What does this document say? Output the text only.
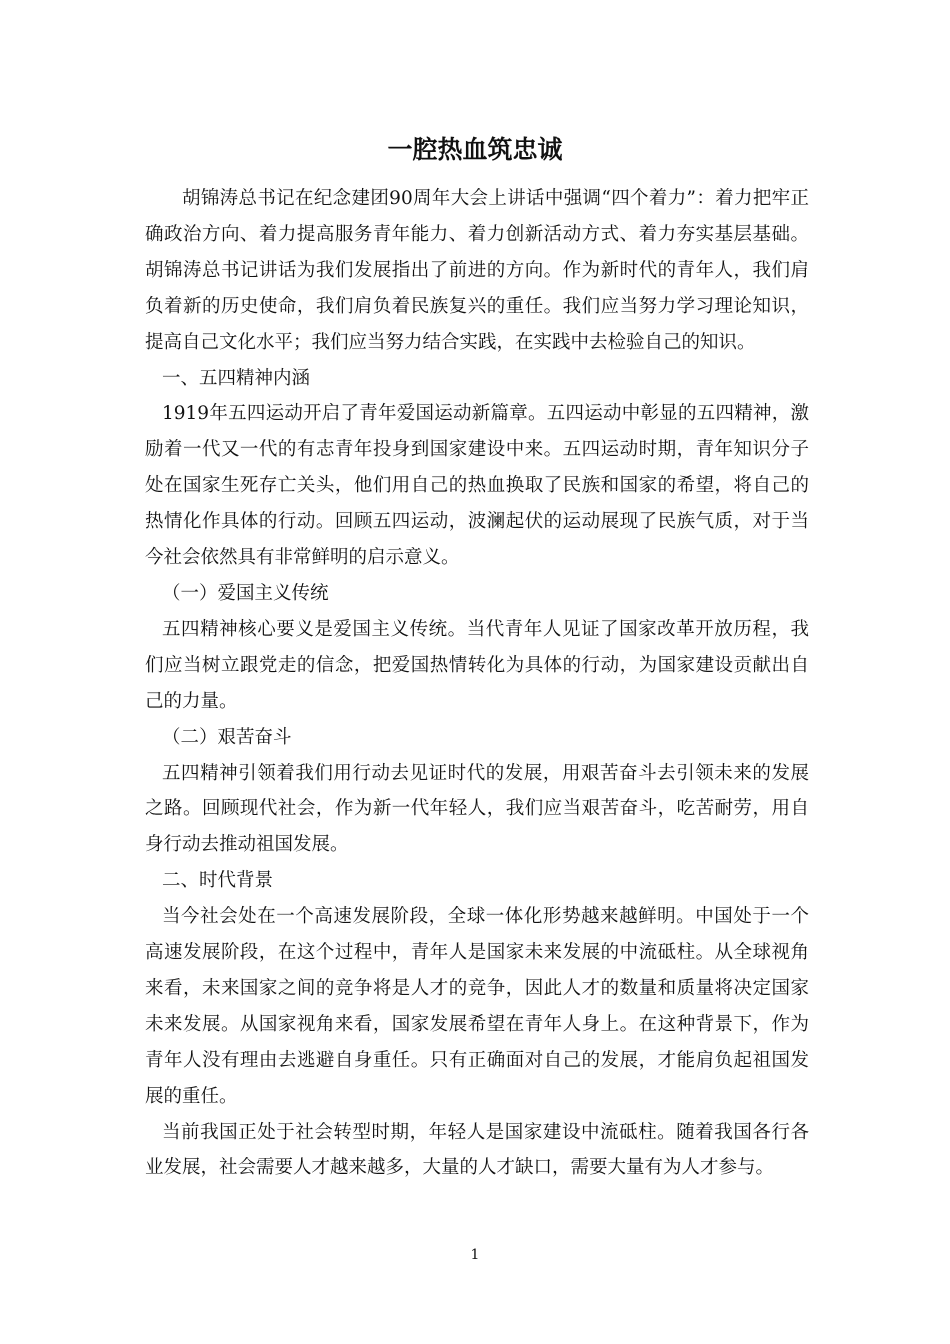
一腔热血筑忠诚

胡锦涛总书记在纪念建团90周年大会上讲话中强调“四个着力”：着力把牢正确政治方向、着力提高服务青年能力、着力创新活动方式、着力夯实基层基础。胡锦涛总书记讲话为我们发展指出了前进的方向。作为新时代的青年人，我们肩负着新的历史使命，我们肩负着民族复兴的重任。我们应当努力学习理论知识，提高自己文化水平；我们应当努力结合实践，在实践中去检验自己的知识。

一、五四精神内涵

1919年五四运动开启了青年爱国运动新篇章。五四运动中彰显的五四精神，激励着一代又一代的有志青年投身到国家建设中来。五四运动时期，青年知识分子处在国家生死存亡关头，他们用自己的热血换取了民族和国家的希望，将自己的热情化作具体的行动。回顾五四运动，波澜起伏的运动展现了民族气质，对于当今社会依然具有非常鲜明的启示意义。

（一）爱国主义传统

五四精神核心要义是爱国主义传统。当代青年人见证了国家改革开放历程，我们应当树立跟党走的信念，把爱国热情转化为具体的行动，为国家建设贡献出自己的力量。

（二）艰苦奋斗

五四精神引领着我们用行动去见证时代的发展，用艰苦奋斗去引领未来的发展之路。回顾现代社会，作为新一代年轻人，我们应当艰苦奋斗，吃苦耐劳，用自身行动去推动祖国发展。

二、时代背景

当今社会处在一个高速发展阶段，全球一体化形势越来越鲜明。中国处于一个高速发展阶段，在这个过程中，青年人是国家未来发展的中流砥柱。从全球视角来看，未来国家之间的竞争将是人才的竞争，因此人才的数量和质量将决定国家未来发展。从国家视角来看，国家发展希望在青年人身上。在这种背景下，作为青年人没有理由去逃避自身重任。只有正确面对自己的发展，才能肩负起祖国发展的重任。

当前我国正处于社会转型时期，年轻人是国家建设中流砥柱。随着我国各行各业发展，社会需要人才越来越多，大量的人才缺口，需要大量有为人才参与。

1
